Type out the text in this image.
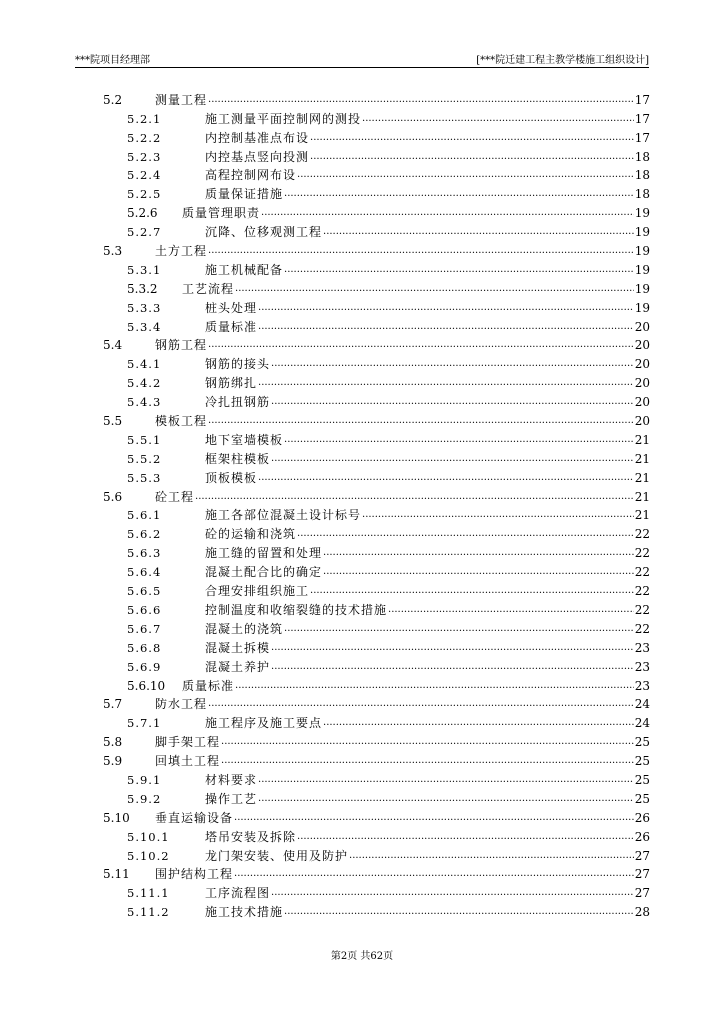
***院项目经理部	[***院迁建工程主教学楼施工组织设计]
5.2	测量工程 .....	17
5.2.1	施工测量平面控制网的测投 .....	17
5.2.2	内控制基准点布设 .....	17
5.2.3	内控基点竖向投测 .....	18
5.2.4	高程控制网布设 .....	18
5.2.5	质量保证措施 .....	18
5.2.6	质量管理职责 .....	19
5.2.7	沉降、位移观测工程 .....	19
5.3	土方工程 .....	19
5.3.1	施工机械配备 .....	19
5.3.2	工艺流程 .....	19
5.3.3	桩头处理 .....	19
5.3.4	质量标准 .....	20
5.4	钢筋工程 .....	20
5.4.1	钢筋的接头 .....	20
5.4.2	钢筋绑扎 .....	20
5.4.3	冷扎扭钢筋 .....	20
5.5	模板工程 .....	20
5.5.1	地下室墙模板 .....	21
5.5.2	框架柱模板 .....	21
5.5.3	顶板模板 .....	21
5.6	砼工程 .....	21
5.6.1	施工各部位混凝土设计标号 .....	21
5.6.2	砼的运输和浇筑 .....	22
5.6.3	施工缝的留置和处理 .....	22
5.6.4	混凝土配合比的确定 .....	22
5.6.5	合理安排组织施工 .....	22
5.6.6	控制温度和收缩裂缝的技术措施 .....	22
5.6.7	混凝土的浇筑 .....	22
5.6.8	混凝土拆模 .....	23
5.6.9	混凝土养护 .....	23
5.6.10	质量标准 .....	23
5.7	防水工程 .....	24
5.7.1	施工程序及施工要点 .....	24
5.8	脚手架工程 .....	25
5.9	回填土工程 .....	25
5.9.1	材料要求 .....	25
5.9.2	操作工艺 .....	25
5.10	垂直运输设备 .....	26
5.10.1	塔吊安装及拆除 .....	26
5.10.2	龙门架安装、使用及防护 .....	27
5.11	围护结构工程 .....	27
5.11.1	工序流程图 .....	27
5.11.2	施工技术措施 .....	28
第2页 共62页
